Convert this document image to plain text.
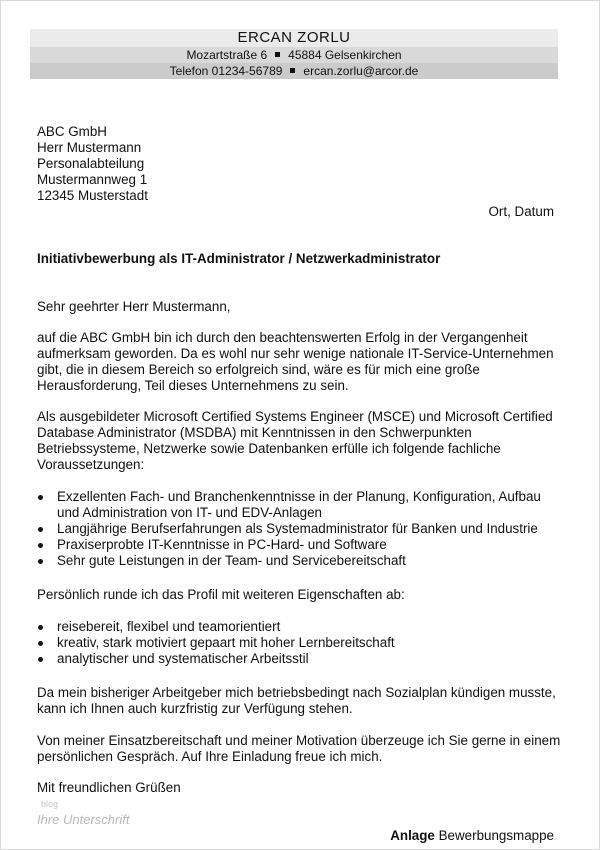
ERCAN ZORLU
Mozartstraße 6 45884 Gelsenkirchen
Telefon 01234-56789 ercan.zorlu@arcor.de
ABC GmbH
Herr Mustermann
Personalabteilung
Mustermannweg 1
12345 Musterstadt
Ort, Datum
Initiativbewerbung als IT-Administrator / Netzwerkadministrator
Sehr geehrter Herr Mustermann,

auf die ABC GmbH bin ich durch den beachtenswerten Erfolg in der Vergangenheit aufmerksam geworden. Da es wohl nur sehr wenige nationale IT-Service-Unternehmen gibt, die in diesem Bereich so erfolgreich sind, wäre es für mich eine große Herausforderung, Teil dieses Unternehmens zu sein.

Als ausgebildeter Microsoft Certified Systems Engineer (MSCE) und Microsoft Certified Database Administrator (MSDBA) mit Kenntnissen in den Schwerpunkten Betriebssysteme, Netzwerke sowie Datenbanken erfülle ich folgende fachliche Voraussetzungen:

Exzellenten Fach- und Branchenkenntnisse in der Planung, Konfiguration, Aufbau und Administration von IT- und EDV-Anlagen
Langjährige Berufserfahrungen als Systemadministrator für Banken und Industrie
Praxiserprobte IT-Kenntnisse in PC-Hard- und Software
Sehr gute Leistungen in der Team- und Servicebereitschaft

Persönlich runde ich das Profil mit weiteren Eigenschaften ab:

reisebereit, flexibel und teamorientiert
kreativ, stark motiviert gepaart mit hoher Lernbereitschaft
analytischer und systematischer Arbeitsstil

Da mein bisheriger Arbeitgeber mich betriebsbedingt nach Sozialplan kündigen musste, kann ich Ihnen auch kurzfristig zur Verfügung stehen.

Von meiner Einsatzbereitschaft und meiner Motivation überzeuge ich Sie gerne in einem persönlichen Gespräch. Auf Ihre Einladung freue ich mich.

Mit freundlichen Grüßen
blog
Ihre Unterschrift
Anlage Bewerbungsmappe
